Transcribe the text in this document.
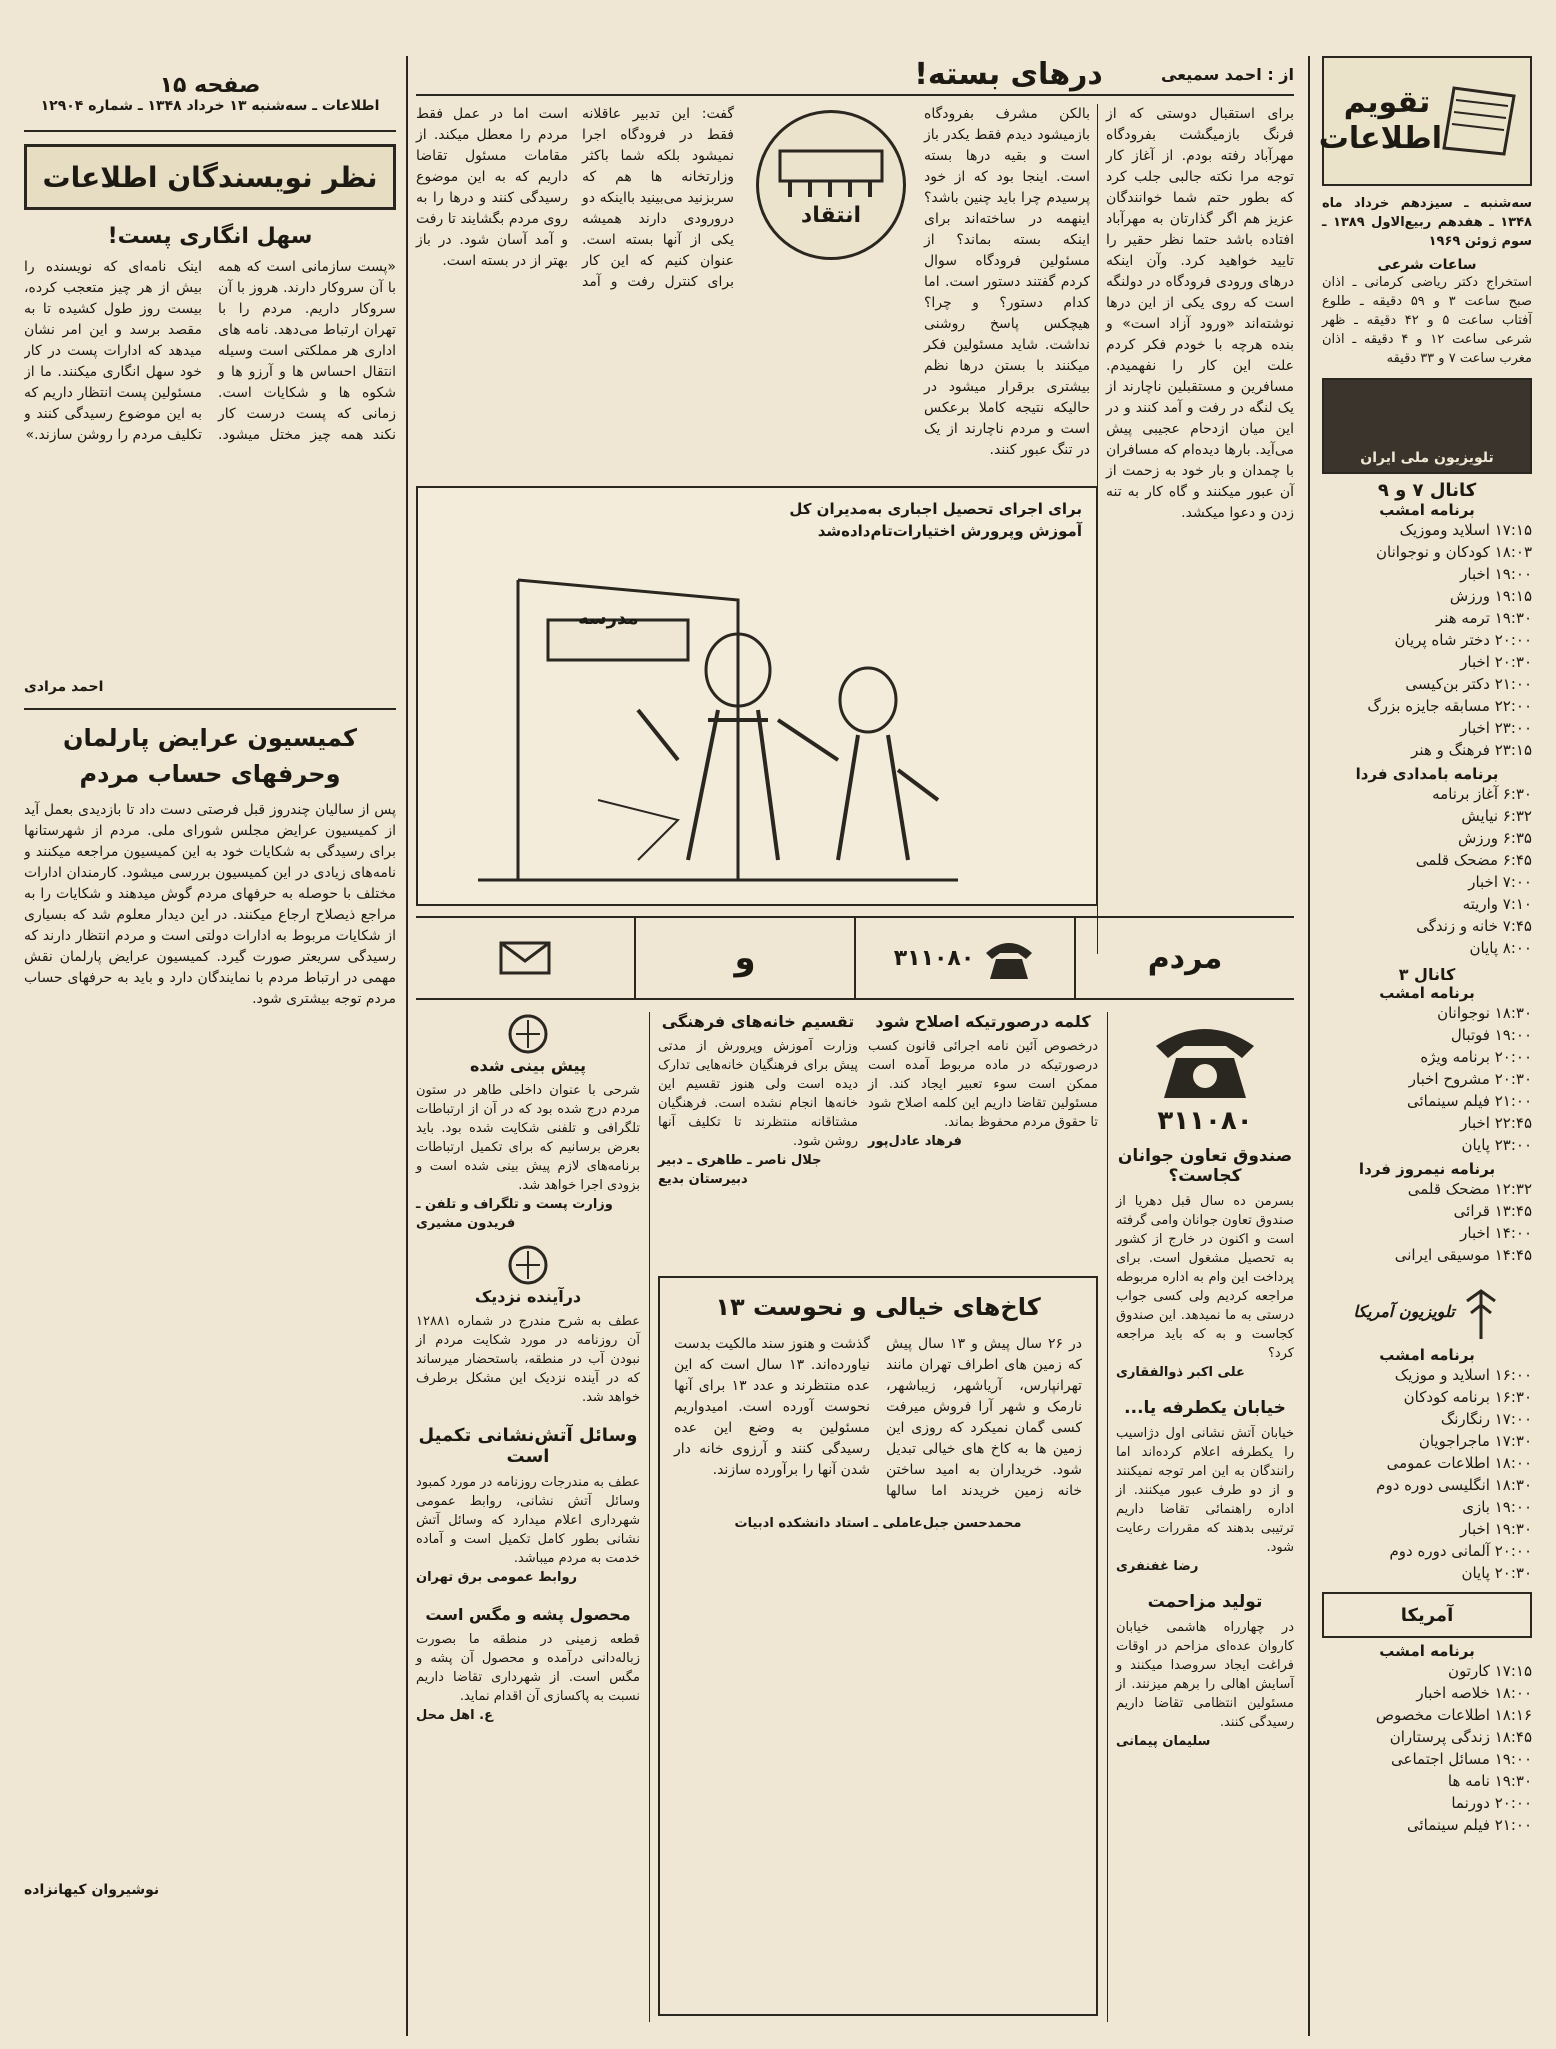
تقویم اطلاعات

سه‌شنبه ـ سیزدهم خرداد ماه ۱۳۴۸ ـ هفدهم ربیع‌الاول ۱۳۸۹ ـ سوم ژوئن ۱۹۶۹

ساعات شرعی

استخراج دکتر ریاضی کرمانی ـ اذان صبح ساعت ۳ و ۵۹ دقیقه ـ طلوع آفتاب ساعت ۵ و ۴۲ دقیقه ـ ظهر شرعی ساعت ۱۲ و ۴ دقیقه ـ اذان مغرب ساعت ۷ و ۳۳ دقیقه

تلویزیون ملی ایران

کانال ۷ و ۹

برنامه امشب

۱۷:۱۵ اسلاید وموزیک
۱۸:۰۳ کودکان و نوجوانان
۱۹:۰۰ اخبار
۱۹:۱۵ ورزش
۱۹:۳۰ ترمه هنر
۲۰:۰۰ دختر شاه پریان
۲۰:۳۰ اخبار
۲۱:۰۰ دکتر بن‌کیسی
۲۲:۰۰ مسابقه جایزه بزرگ
۲۳:۰۰ اخبار
۲۳:۱۵ فرهنگ و هنر

برنامه بامدادی فردا

۶:۳۰ آغاز برنامه
۶:۳۲ نیایش
۶:۳۵ ورزش
۶:۴۵ مضحک قلمی
۷:۰۰ اخبار
۷:۱۰ واریته
۷:۴۵ خانه و زندگی
۸:۰۰ پایان

کانال ۳

برنامه امشب

۱۸:۳۰ نوجوانان
۱۹:۰۰ فوتبال
۲۰:۰۰ برنامه ویژه
۲۰:۳۰ مشروح اخبار
۲۱:۰۰ فیلم سینمائی
۲۲:۴۵ اخبار
۲۳:۰۰ پایان

برنامه نیمروز فردا

۱۲:۳۲ مضحک قلمی
۱۳:۴۵ قرائی
۱۴:۰۰ اخبار
۱۴:۴۵ موسیقی ایرانی
تلویزیون آمریکا

برنامه امشب

۱۶:۰۰ اسلاید و موزیک
۱۶:۳۰ برنامه کودکان
۱۷:۰۰ رنگارنگ
۱۷:۳۰ ماجراجویان
۱۸:۰۰ اطلاعات عمومی
۱۸:۳۰ انگلیسی دوره دوم
۱۹:۰۰ بازی
۱۹:۳۰ اخبار
۲۰:۰۰ آلمانی دوره دوم
۲۰:۳۰ پایان
آمریکا

برنامه امشب

۱۷:۱۵ کارتون
۱۸:۰۰ خلاصه اخبار
۱۸:۱۶ اطلاعات مخصوص
۱۸:۴۵ زندگی پرستاران
۱۹:۰۰ مسائل اجتماعی
۱۹:۳۰ نامه ها
۲۰:۰۰ دورنما
۲۱:۰۰ فیلم سینمائی
از : احمد سمیعی
درهای بسته!

برای استقبال دوستی که از فرنگ بازمیگشت بفرودگاه مهرآباد رفته بودم. از آغاز کار توجه مرا نکته جالبی جلب کرد که بطور حتم شما خوانندگان عزیز هم اگر گذارتان به مهرآباد افتاده باشد حتما نظر حقیر را تایید خواهید کرد. وآن اینکه درهای ورودی فرودگاه در دولنگه است که روی یکی از این درها نوشته‌اند «ورود آزاد است» و بنده هرچه با خودم فکر کردم علت این کار را نفهمیدم. مسافرین و مستقبلین ناچارند از یک لنگه در رفت و آمد کنند و در این میان ازدحام عجیبی پیش می‌آید. بارها دیده‌ام که مسافران با چمدان و بار خود به زحمت از آن عبور میکنند و گاه کار به تنه زدن و دعوا میکشد.

بالکن مشرف بفرودگاه بازمیشود دیدم فقط یکدر باز است و بقیه درها بسته است. اینجا بود که از خود پرسیدم چرا باید چنین باشد؟ اینهمه در ساخته‌اند برای اینکه بسته بماند؟ از مسئولین فرودگاه سوال کردم گفتند دستور است. اما کدام دستور؟ و چرا؟ هیچکس پاسخ روشنی نداشت. شاید مسئولین فکر میکنند با بستن درها نظم بیشتری برقرار میشود در حالیکه نتیجه کاملا برعکس است و مردم ناچارند از یک در تنگ عبور کنند.

انتقاد

گفت: این تدبیر عاقلانه فقط در فرودگاه اجرا نمیشود بلکه شما باکثر وزارتخانه ها هم که سربزنید می‌بینید بااینکه دو درورودی دارند همیشه یکی از آنها بسته است. عنوان کنیم که این کار برای کنترل رفت و آمد است اما در عمل فقط مردم را معطل میکند. از مقامات مسئول تقاضا داریم که به این موضوع رسیدگی کنند و درها را به روی مردم بگشایند تا رفت و آمد آسان شود. در باز بهتر از در بسته است.

برای اجرای تحصیل اجباری به‌مدیران کل آموزش وپرورش اختیارات‌تام‌داده‌شد

مدرسه
صفحه ۱۵
اطلاعات ـ سه‌شنبه ۱۳ خرداد ۱۳۴۸ ـ شماره ۱۲۹۰۴
نظر نویسندگان اطلاعات

سهل انگاری پست!

«پست سازمانی است که همه با آن سروکار دارند. هروز با آن سروکار داریم. مردم را با تهران ارتباط می‌دهد. نامه های اداری هر مملکتی است وسیله انتقال احساس ها و آرزو ها و شکوه ها و شکایات است. زمانی که پست درست کار نکند همه چیز مختل میشود. اینک نامه‌ای که نویسنده را بیش از هر چیز متعجب کرده، بیست روز طول کشیده تا به مقصد برسد و این امر نشان میدهد که ادارات پست در کار خود سهل انگاری میکنند. ما از مسئولین پست انتظار داریم که به این موضوع رسیدگی کنند و تکلیف مردم را روشن سازند.»

احمد مرادی

کمیسیون عرایض پارلمان وحرفهای حساب مردم

پس از سالیان چندروز قبل فرصتی دست داد تا بازدیدی بعمل آید از کمیسیون عرایض مجلس شورای ملی. مردم از شهرستانها برای رسیدگی به شکایات خود به این کمیسیون مراجعه میکنند و نامه‌های زیادی در این کمیسیون بررسی میشود. کارمندان ادارات مختلف با حوصله به حرفهای مردم گوش میدهند و شکایات را به مراجع ذیصلاح ارجاع میکنند. در این دیدار معلوم شد که بسیاری از شکایات مربوط به ادارات دولتی است و مردم انتظار دارند که رسیدگی سریعتر صورت گیرد. کمیسیون عرایض پارلمان نقش مهمی در ارتباط مردم با نمایندگان دارد و باید به حرفهای حساب مردم توجه بیشتری شود.

نوشیروان کیهانزاده

مردم
۳۱۱۰۸۰
و
۳۱۱۰۸۰

صندوق تعاون جوانان کجاست؟

بسرمن ده سال قبل دهریا از صندوق تعاون جوانان وامی گرفته است و اکنون در خارج از کشور به تحصیل مشغول است. برای پرداخت این وام به اداره مربوطه مراجعه کردیم ولی کسی جواب درستی به ما نمیدهد. این صندوق کجاست و به که باید مراجعه کرد؟

علی اکبر ذوالفقاری

خیابان یکطرفه یا...

خیابان آتش نشانی اول دژاسیب را یکطرفه اعلام کرده‌اند اما رانندگان به این امر توجه نمیکنند و از دو طرف عبور میکنند. از اداره راهنمائی تقاضا داریم ترتیبی بدهند که مقررات رعایت شود.

رضا غفنفری

تولید مزاحمت

در چهارراه هاشمی خیابان کاروان عده‌ای مزاحم در اوقات فراغت ایجاد سروصدا میکنند و آسایش اهالی را برهم میزنند. از مسئولین انتظامی تقاضا داریم رسیدگی کنند.

سلیمان پیمانی

کلمه درصورتیکه اصلاح شود

درخصوص آئین نامه اجرائی قانون کسب درصورتیکه در ماده مربوط آمده است ممکن است سوء تعبیر ایجاد کند. از مسئولین تقاضا داریم این کلمه اصلاح شود تا حقوق مردم محفوظ بماند.

فرهاد عادل‌پور

تقسیم خانه‌های فرهنگی

وزارت آموزش وپرورش از مدتی پیش برای فرهنگیان خانه‌هایی تدارک دیده است ولی هنوز تقسیم این خانه‌ها انجام نشده است. فرهنگیان مشتاقانه منتظرند تا تکلیف آنها روشن شود.

جلال ناصر ـ طاهری ـ دبیر دبیرستان بدیع

پیش بینی شده

شرحی با عنوان داخلی طاهر در ستون مردم درج شده بود که در آن از ارتباطات تلگرافی و تلفنی شکایت شده بود. باید بعرض برسانیم که برای تکمیل ارتباطات برنامه‌های لازم پیش بینی شده است و بزودی اجرا خواهد شد.

وزارت پست و تلگراف و تلفن ـ فریدون مشیری

درآینده نزدیک

عطف به شرح مندرج در شماره ۱۲۸۸۱ آن روزنامه در مورد شکایت مردم از نبودن آب در منطقه، باستحضار میرساند که در آینده نزدیک این مشکل برطرف خواهد شد.

وسائل آتش‌نشانی تکمیل است

عطف به مندرجات روزنامه در مورد کمبود وسائل آتش نشانی، روابط عمومی شهرداری اعلام میدارد که وسائل آتش نشانی بطور کامل تکمیل است و آماده خدمت به مردم میباشد.

روابط عمومی برق تهران

محصول پشه و مگس است

قطعه زمینی در منطقه ما بصورت زباله‌دانی درآمده و محصول آن پشه و مگس است. از شهرداری تقاضا داریم نسبت به پاکسازی آن اقدام نماید.

ع. اهل محل

کاخ‌های خیالی و نحوست ۱۳

در ۲۶ سال پیش و ۱۳ سال پیش که زمین های اطراف تهران مانند تهرانپارس، آریاشهر، زیباشهر، نارمک و شهر آرا فروش میرفت کسی گمان نمیکرد که روزی این زمین ها به کاخ های خیالی تبدیل شود. خریداران به امید ساختن خانه زمین خریدند اما سالها گذشت و هنوز سند مالکیت بدست نیاورده‌اند. ۱۳ سال است که این عده منتظرند و عدد ۱۳ برای آنها نحوست آورده است. امیدواریم مسئولین به وضع این عده رسیدگی کنند و آرزوی خانه دار شدن آنها را برآورده سازند.

محمدحسن جبل‌عاملی ـ استاد دانشکده ادبیات
